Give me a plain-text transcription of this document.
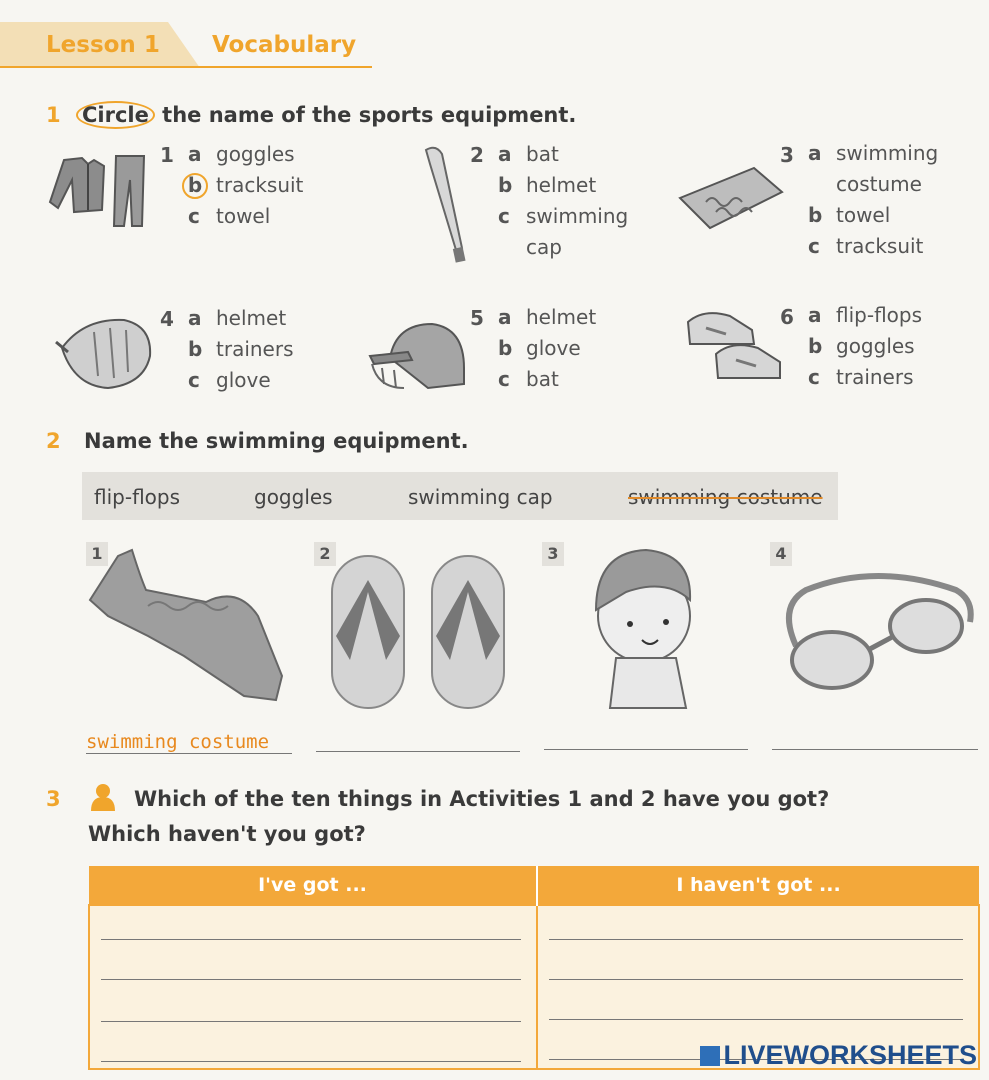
Lesson 1 Vocabulary
1 Circle the name of the sports equipment.
1 a goggles
b tracksuit
c towel
2 a bat
b helmet
c swimming
cap
3 a swimming
costume
b towel
c tracksuit
4 a helmet
b trainers
c glove
5 a helmet
b glove
c bat
6 a flip-flops
b goggles
c trainers
2 Name the swimming equipment.
flip-flops	goggles	swimming cap	swimming costume
1	2	3	4
swimming costume
3	Which of the ten things in Activities 1 and 2 have you got?
Which haven't you got?
I've got ...	I haven't got ...

LIVEWORKSHEETS
